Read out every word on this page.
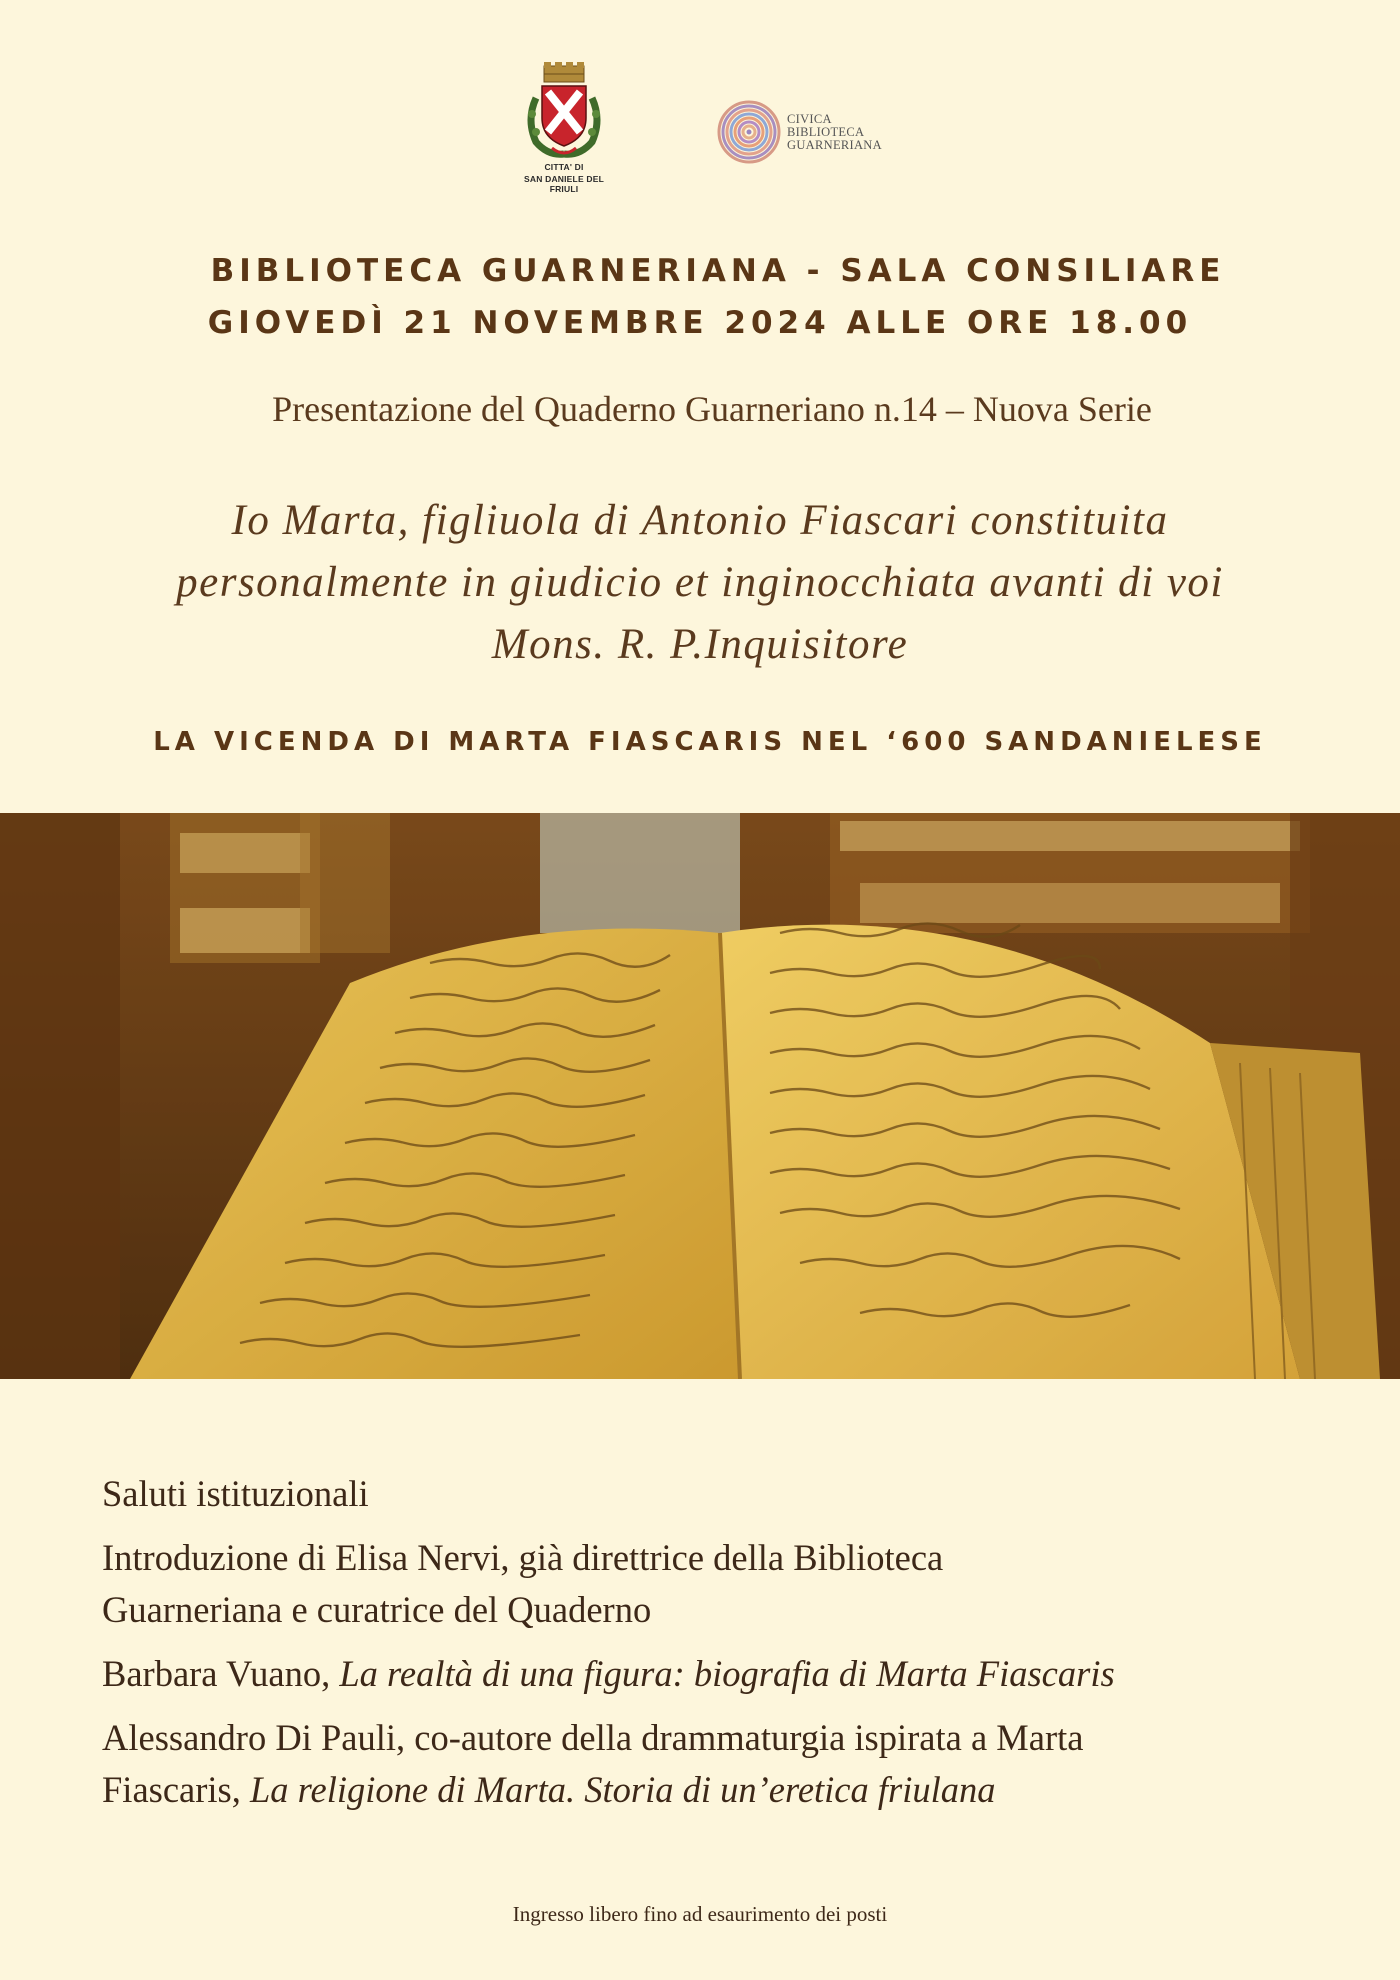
CITTA' DI
SAN DANIELE DEL FRIULI
CIVICA
BIBLIOTECA
GUARNERIANA
BIBLIOTECA GUARNERIANA - SALA CONSILIARE
GIOVEDÌ 21 NOVEMBRE 2024 ALLE ORE 18.00
Presentazione del Quaderno Guarneriano n.14 – Nuova Serie
Io Marta, figliuola di Antonio Fiascari constituita
personalmente in giudicio et inginocchiata avanti di voi
Mons. R. P.Inquisitore
LA VICENDA DI MARTA FIASCARIS NEL ‘600 SANDANIELESE

Saluti istituzionali

Introduzione di Elisa Nervi, già direttrice della Biblioteca
Guarneriana e curatrice del Quaderno

Barbara Vuano, La realtà di una figura: biografia di Marta Fiascaris

Alessandro Di Pauli, co-autore della drammaturgia ispirata a Marta
Fiascaris, La religione di Marta. Storia di un’eretica friulana

Ingresso libero fino ad esaurimento dei posti
